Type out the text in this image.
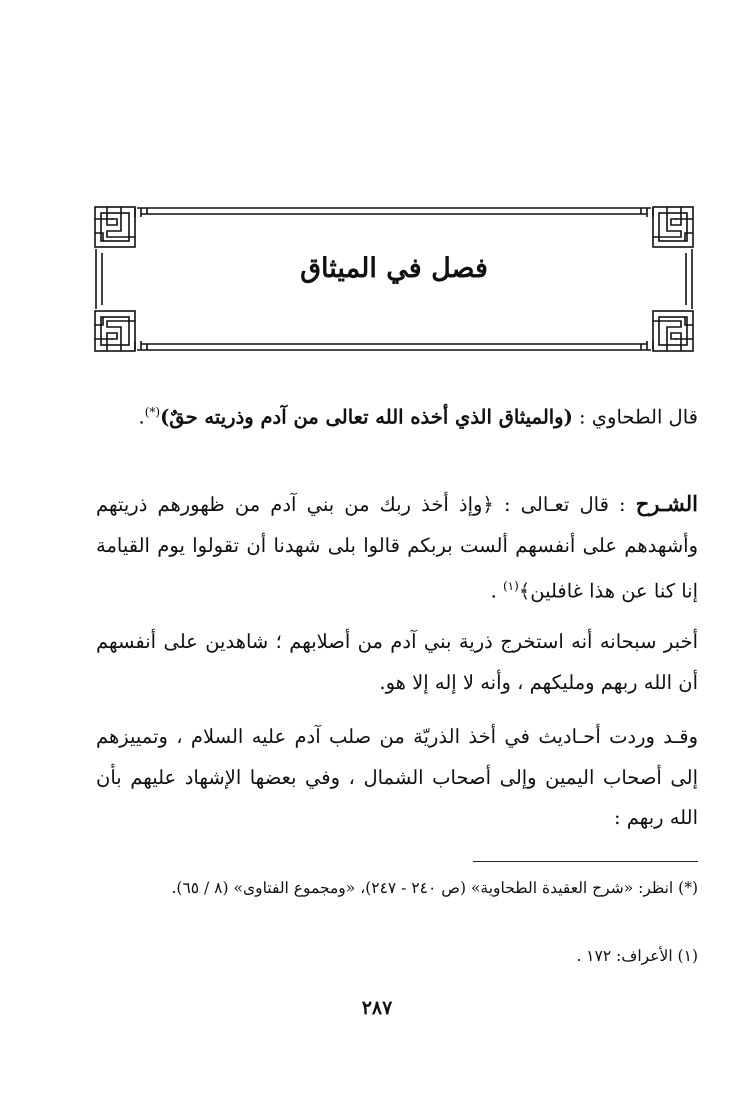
فصل في الميثاق

قال الطحاوي : (والميثاق الذي أخذه الله تعالى من آدم وذريته حقٌ)(*).

الشـرح : قال تعـالى : ﴿وإذ أخذ ربك من بني آدم من ظهورهم ذريتهم وأشهدهم على أنفسهم ألست بربكم قالوا بلى شهدنا أن تقولوا يوم القيامة إنا كنا عن هذا غافلين﴾$^{(١)}$ .

أخبر سبحانه أنه استخرج ذرية بني آدم من أصلابهم ؛ شاهدين على أنفسهم أن الله ربهم ومليكهم ، وأنه لا إله إلا هو.

وقـد وردت أحـاديث في أخذ الذريّة من صلب آدم عليه السلام ، وتمييزهم إلى أصحاب اليمين وإلى أصحاب الشمال ، وفي بعضها الإشهاد عليهم بأن الله ربهم :

(*) انظر: «شرح العقيدة الطحاوية» (ص ٢٤٠ - ٢٤٧)، «ومجموع الفتاوى» (٨ / ٦٥).

(١) الأعراف: ١٧٢ .

٢٨٧
